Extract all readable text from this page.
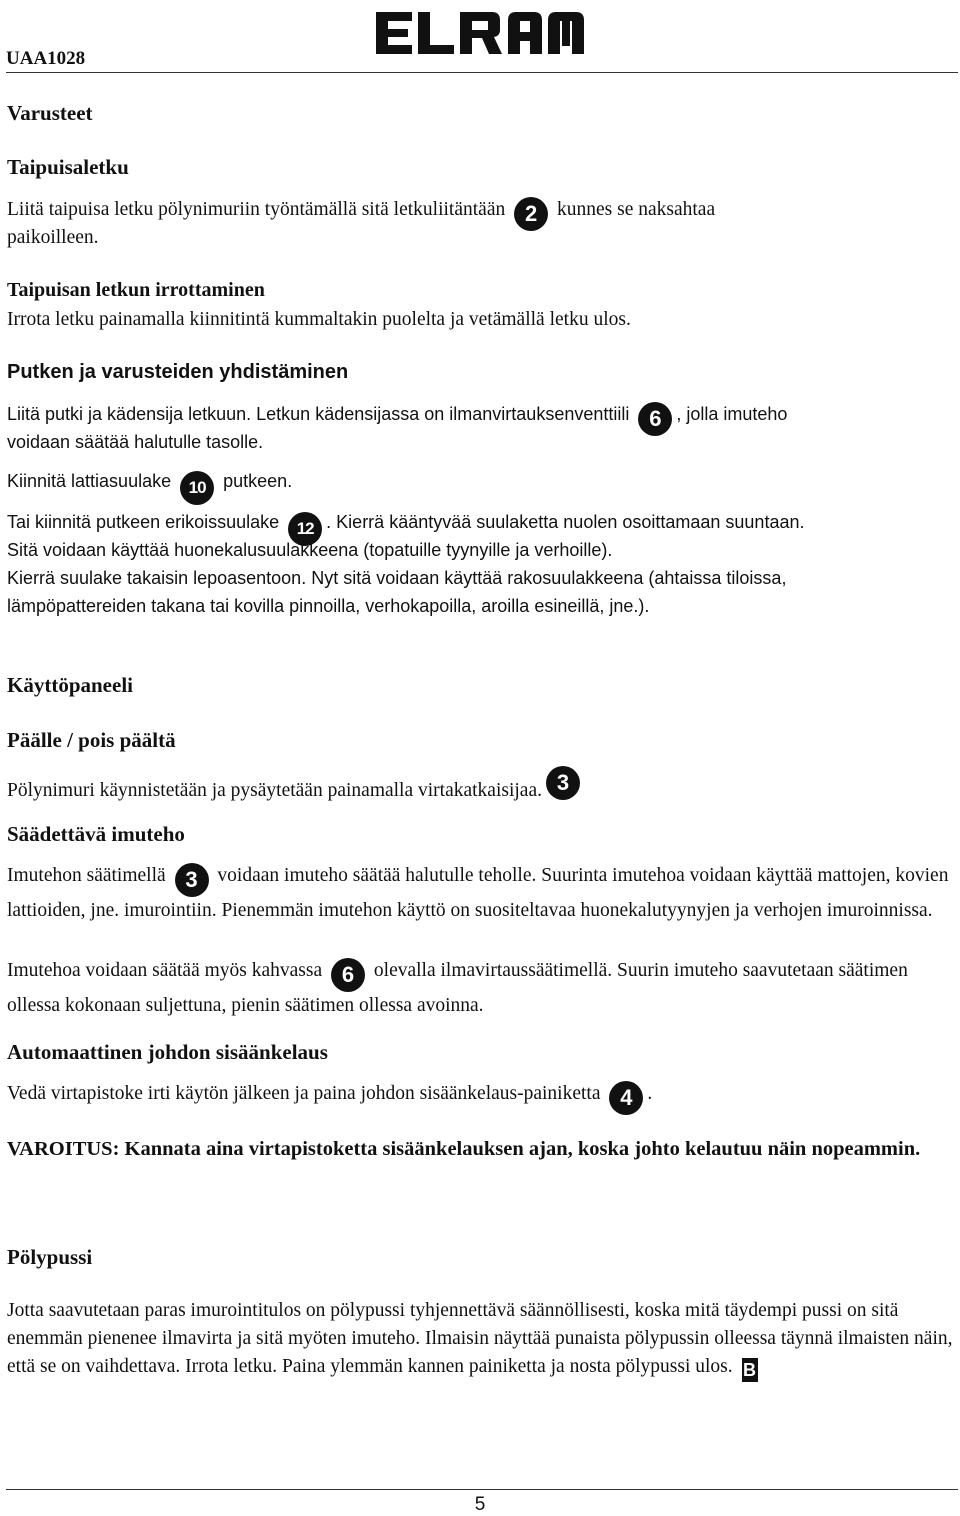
UAA1028
Varusteet
Taipuisaletku
Liitä taipuisa letku pölynimuriin työntämällä sitä letkuliitäntään 2 kunnes se naksahtaa
paikoilleen.
Taipuisan letkun irrottaminen
Irrota letku painamalla kiinnitintä kummaltakin puolelta ja vetämällä letku ulos.
Putken ja varusteiden yhdistäminen
Liitä putki ja kädensija letkuun. Letkun kädensijassa on ilmanvirtauksenventtiili 6 , jolla imuteho
voidaan säätää halutulle tasolle.
Kiinnitä lattiasuulake 10 putkeen.
Tai kiinnitä putkeen erikoissuulake 12 . Kierrä kääntyvää suulaketta nuolen osoittamaan suuntaan.
Sitä voidaan käyttää huonekalusuulakkeena (topatuille tyynyille ja verhoille).
Kierrä suulake takaisin lepoasentoon. Nyt sitä voidaan käyttää rakosuulakkeena (ahtaissa tiloissa,
lämpöpattereiden takana tai kovilla pinnoilla, verhokapoilla, aroilla esineillä, jne.).
Käyttöpaneeli
Päälle / pois päältä
Pölynimuri käynnistetään ja pysäytetään painamalla virtakatkaisijaa. 3
Säädettävä imuteho
Imutehon säätimellä 3 voidaan imuteho säätää halutulle teholle. Suurinta imutehoa voidaan käyttää mattojen, kovien lattioiden, jne. imurointiin. Pienemmän imutehon käyttö on suositeltavaa huonekalutyynyjen ja verhojen imuroinnissa.
Imutehoa voidaan säätää myös kahvassa 6 olevalla ilmavirtaussäätimellä. Suurin imuteho saavutetaan säätimen ollessa kokonaan suljettuna, pienin säätimen ollessa avoinna.
Automaattinen johdon sisäänkelaus
Vedä virtapistoke irti käytön jälkeen ja paina johdon sisäänkelaus-painiketta 4 .
VAROITUS: Kannata aina virtapistoketta sisäänkelauksen ajan, koska johto kelautuu näin nopeammin.
Pölypussi
Jotta saavutetaan paras imurointitulos on pölypussi tyhjennettävä säännöllisesti, koska mitä täydempi pussi on sitä enemmän pienenee ilmavirta ja sitä myöten imuteho. Ilmaisin näyttää punaista pölypussin olleessa täynnä ilmaisten näin, että se on vaihdettava. Irrota letku. Paina ylemmän kannen painiketta ja nosta pölypussi ulos. B
5
